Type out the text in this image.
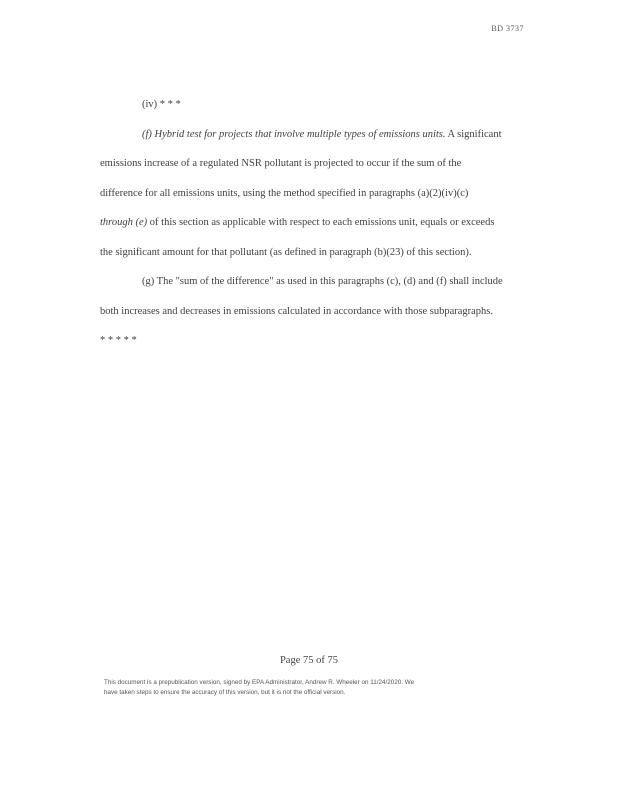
BD 3737
(iv) * * *
(f) Hybrid test for projects that involve multiple types of emissions units. A significant
emissions increase of a regulated NSR pollutant is projected to occur if the sum of the
difference for all emissions units, using the method specified in paragraphs (a)(2)(iv)(c)
through (e) of this section as applicable with respect to each emissions unit, equals or exceeds
the significant amount for that pollutant (as defined in paragraph (b)(23) of this section).
(g) The "sum of the difference" as used in this paragraphs (c), (d) and (f) shall include
both increases and decreases in emissions calculated in accordance with those subparagraphs.
* * * * *
Page 75 of 75
This document is a prepublication version, signed by EPA Administrator, Andrew R. Wheeler on 11/24/2020. We
have taken steps to ensure the accuracy of this version, but it is not the official version.
